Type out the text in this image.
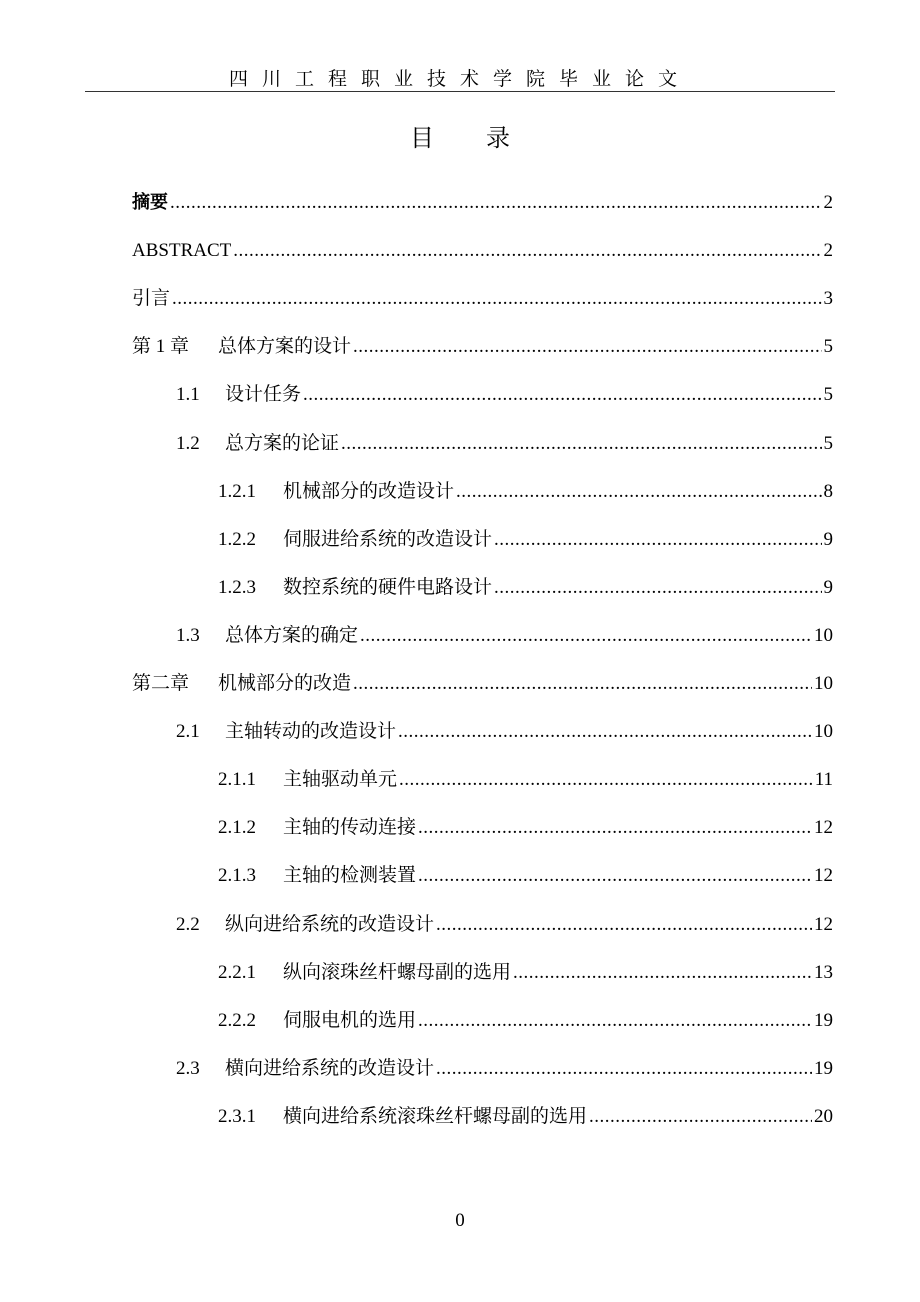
四川工程职业技术学院毕业论文
目 录
摘要 .....	2
ABSTRACT .....	2
引言 .....	3
第 1 章	总体方案的设计 .....	5
1.1	设计任务 .....	5
1.2	总方案的论证 .....	5
1.2.1	机械部分的改造设计 .....	8
1.2.2	伺服进给系统的改造设计 .....	9
1.2.3	数控系统的硬件电路设计 .....	9
1.3	总体方案的确定 .....	10
第二章	机械部分的改造 .....	10
2.1	主轴转动的改造设计 .....	10
2.1.1	主轴驱动单元 .....	11
2.1.2	主轴的传动连接 .....	12
2.1.3	主轴的检测装置 .....	12
2.2	纵向进给系统的改造设计 .....	12
2.2.1	纵向滚珠丝杆螺母副的选用 .....	13
2.2.2	伺服电机的选用 .....	19
2.3	横向进给系统的改造设计 .....	19
2.3.1	横向进给系统滚珠丝杆螺母副的选用 .....	20
0
